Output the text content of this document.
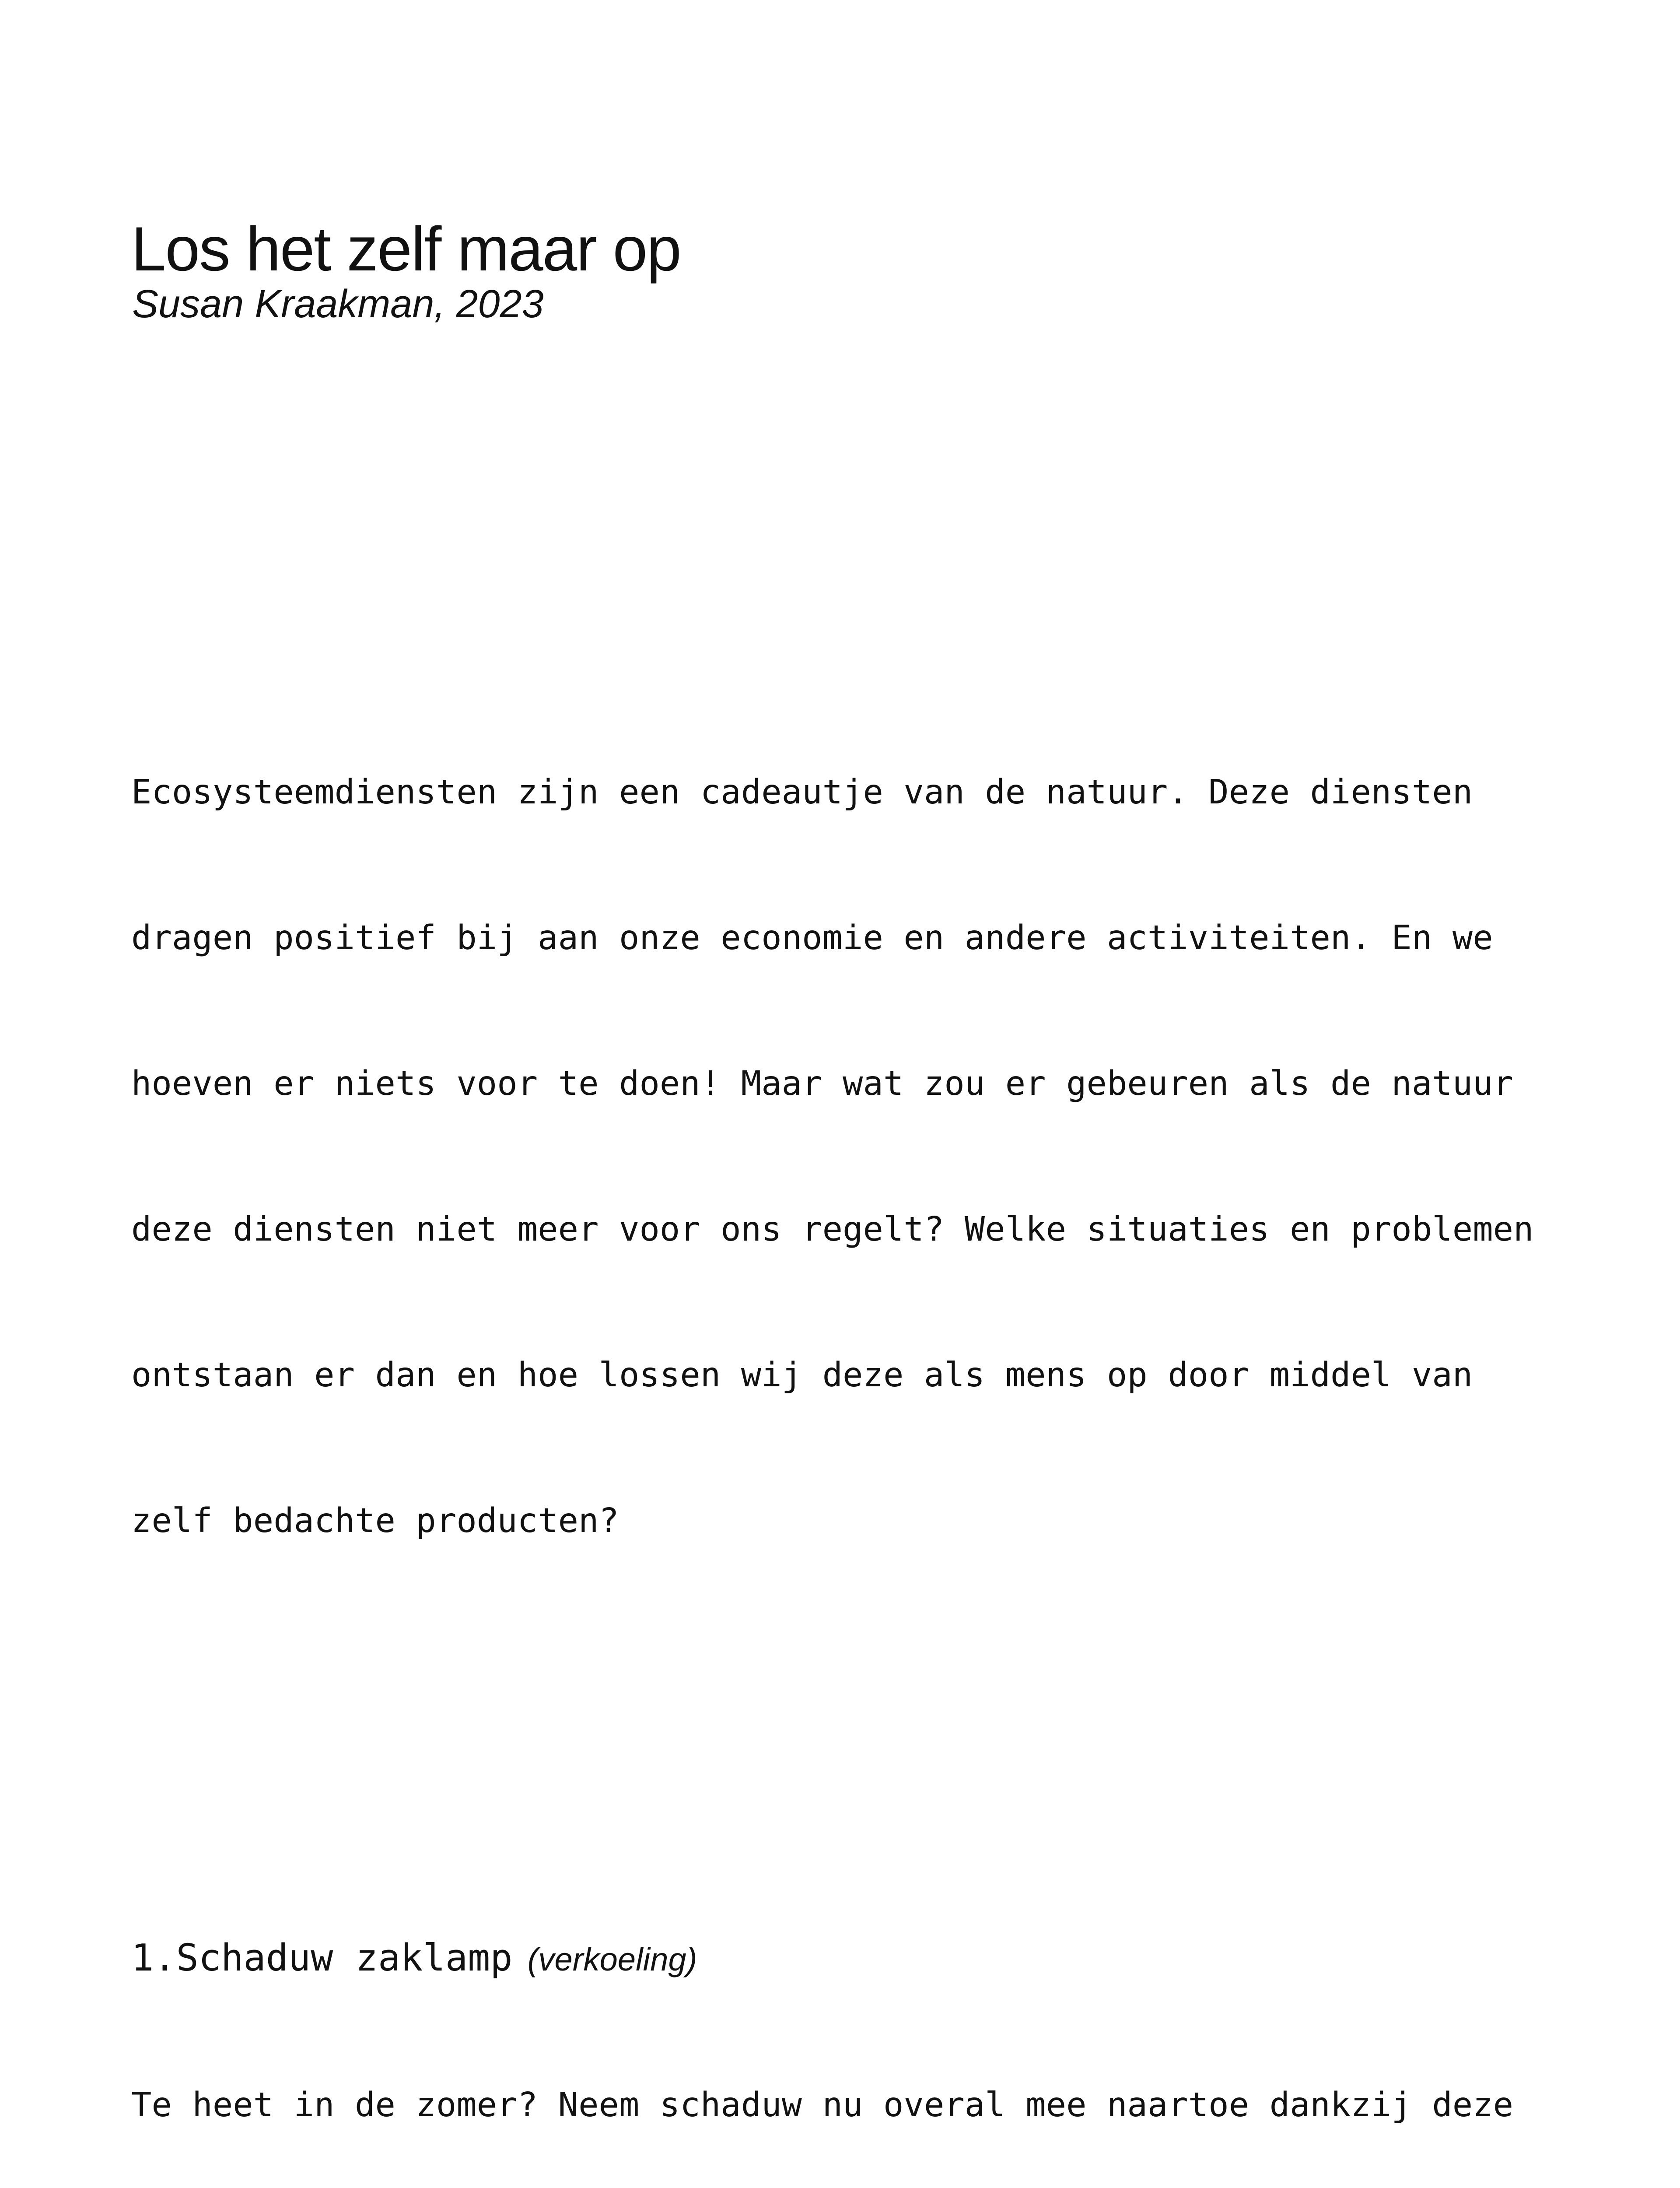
Los het zelf maar op

Susan Kraakman, 2023

Ecosysteemdiensten zijn een cadeautje van de natuur. Deze diensten

dragen positief bij aan onze economie en andere activiteiten. En we

hoeven er niets voor te doen! Maar wat zou er gebeuren als de natuur

deze diensten niet meer voor ons regelt? Welke situaties en problemen

ontstaan er dan en hoe lossen wij deze als mens op door middel van

zelf bedachte producten?

1.Schaduw zaklamp (verkoeling)

Te heet in de zomer? Neem schaduw nu overal mee naartoe dankzij deze
